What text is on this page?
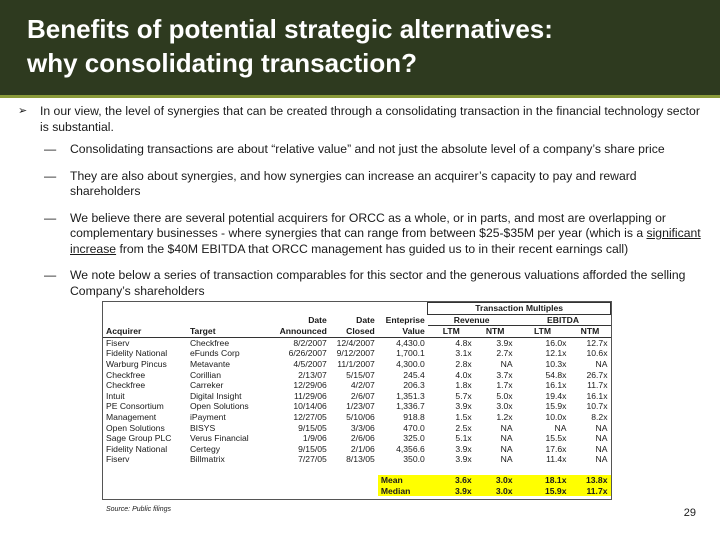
Benefits of potential strategic alternatives:
why consolidating transaction?
➢ In our view, the level of synergies that can be created through a consolidating transaction in the financial technology sector is substantial.
— Consolidating transactions are about “relative value” and not just the absolute level of a company’s share price
— They are also about synergies, and how synergies can increase an acquirer’s capacity to pay and reward shareholders
— We believe there are several potential acquirers for ORCC as a whole, or in parts, and most are overlapping or complementary businesses - where synergies that can range from between $25-$35M per year (which is a significant increase from the $40M EBITDA that ORCC management has guided us to in their recent earnings call)
— We note below a series of transaction comparables for this sector and the generous valuations afforded the selling Company’s shareholders
					Transaction Multiples			
		Date	Date	Enteprise	Revenue		EBITDA	
Acquirer	Target	Announced	Closed	Value	LTM	NTM	LTM	NTM
Fiserv	Checkfree	8/2/2007	12/4/2007	4,430.0	4.8x	3.9x	16.0x	12.7x
Fidelity National	eFunds Corp	6/26/2007	9/12/2007	1,700.1	3.1x	2.7x	12.1x	10.6x
Warburg Pincus	Metavante	4/5/2007	11/1/2007	4,300.0	2.8x	NA	10.3x	NA
Checkfree	Corillian	2/13/07	5/15/07	245.4	4.0x	3.7x	54.8x	26.7x
Checkfree	Carreker	12/29/06	4/2/07	206.3	1.8x	1.7x	16.1x	11.7x
Intuit	Digital Insight	11/29/06	2/6/07	1,351.3	5.7x	5.0x	19.4x	16.1x
PE Consortium	Open Solutions	10/14/06	1/23/07	1,336.7	3.9x	3.0x	15.9x	10.7x
Management	iPayment	12/27/05	5/10/06	918.8	1.5x	1.2x	10.0x	8.2x
Open Solutions	BISYS	9/15/05	3/3/06	470.0	2.5x	NA	NA	NA
Sage Group PLC	Verus Financial	1/9/06	2/6/06	325.0	5.1x	NA	15.5x	NA
Fidelity National	Certegy	9/15/05	2/1/06	4,356.6	3.9x	NA	17.6x	NA
Fiserv	Billmatrix	7/27/05	8/13/05	350.0	3.9x	NA	11.4x	NA

				Mean	3.6x	3.0x	18.1x	13.8x
				Median	3.9x	3.0x	15.9x	11.7x
Source: Public filings	29
